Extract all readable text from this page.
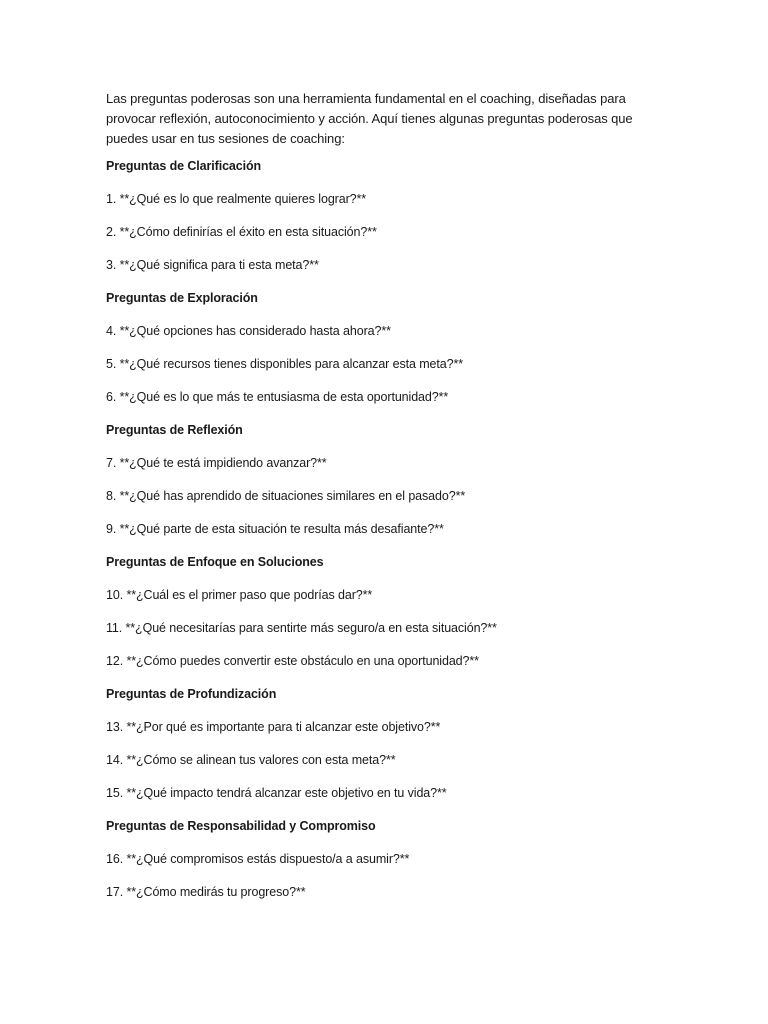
Las preguntas poderosas son una herramienta fundamental en el coaching, diseñadas para provocar reflexión, autoconocimiento y acción. Aquí tienes algunas preguntas poderosas que puedes usar en tus sesiones de coaching:

Preguntas de Clarificación

1. **¿Qué es lo que realmente quieres lograr?**

2. **¿Cómo definirías el éxito en esta situación?**

3. **¿Qué significa para ti esta meta?**

Preguntas de Exploración

4. **¿Qué opciones has considerado hasta ahora?**

5. **¿Qué recursos tienes disponibles para alcanzar esta meta?**

6. **¿Qué es lo que más te entusiasma de esta oportunidad?**

Preguntas de Reflexión

7. **¿Qué te está impidiendo avanzar?**

8. **¿Qué has aprendido de situaciones similares en el pasado?**

9. **¿Qué parte de esta situación te resulta más desafiante?**

Preguntas de Enfoque en Soluciones

10. **¿Cuál es el primer paso que podrías dar?**

11. **¿Qué necesitarías para sentirte más seguro/a en esta situación?**

12. **¿Cómo puedes convertir este obstáculo en una oportunidad?**

Preguntas de Profundización

13. **¿Por qué es importante para ti alcanzar este objetivo?**

14. **¿Cómo se alinean tus valores con esta meta?**

15. **¿Qué impacto tendrá alcanzar este objetivo en tu vida?**

Preguntas de Responsabilidad y Compromiso

16. **¿Qué compromisos estás dispuesto/a a asumir?**

17. **¿Cómo medirás tu progreso?**
